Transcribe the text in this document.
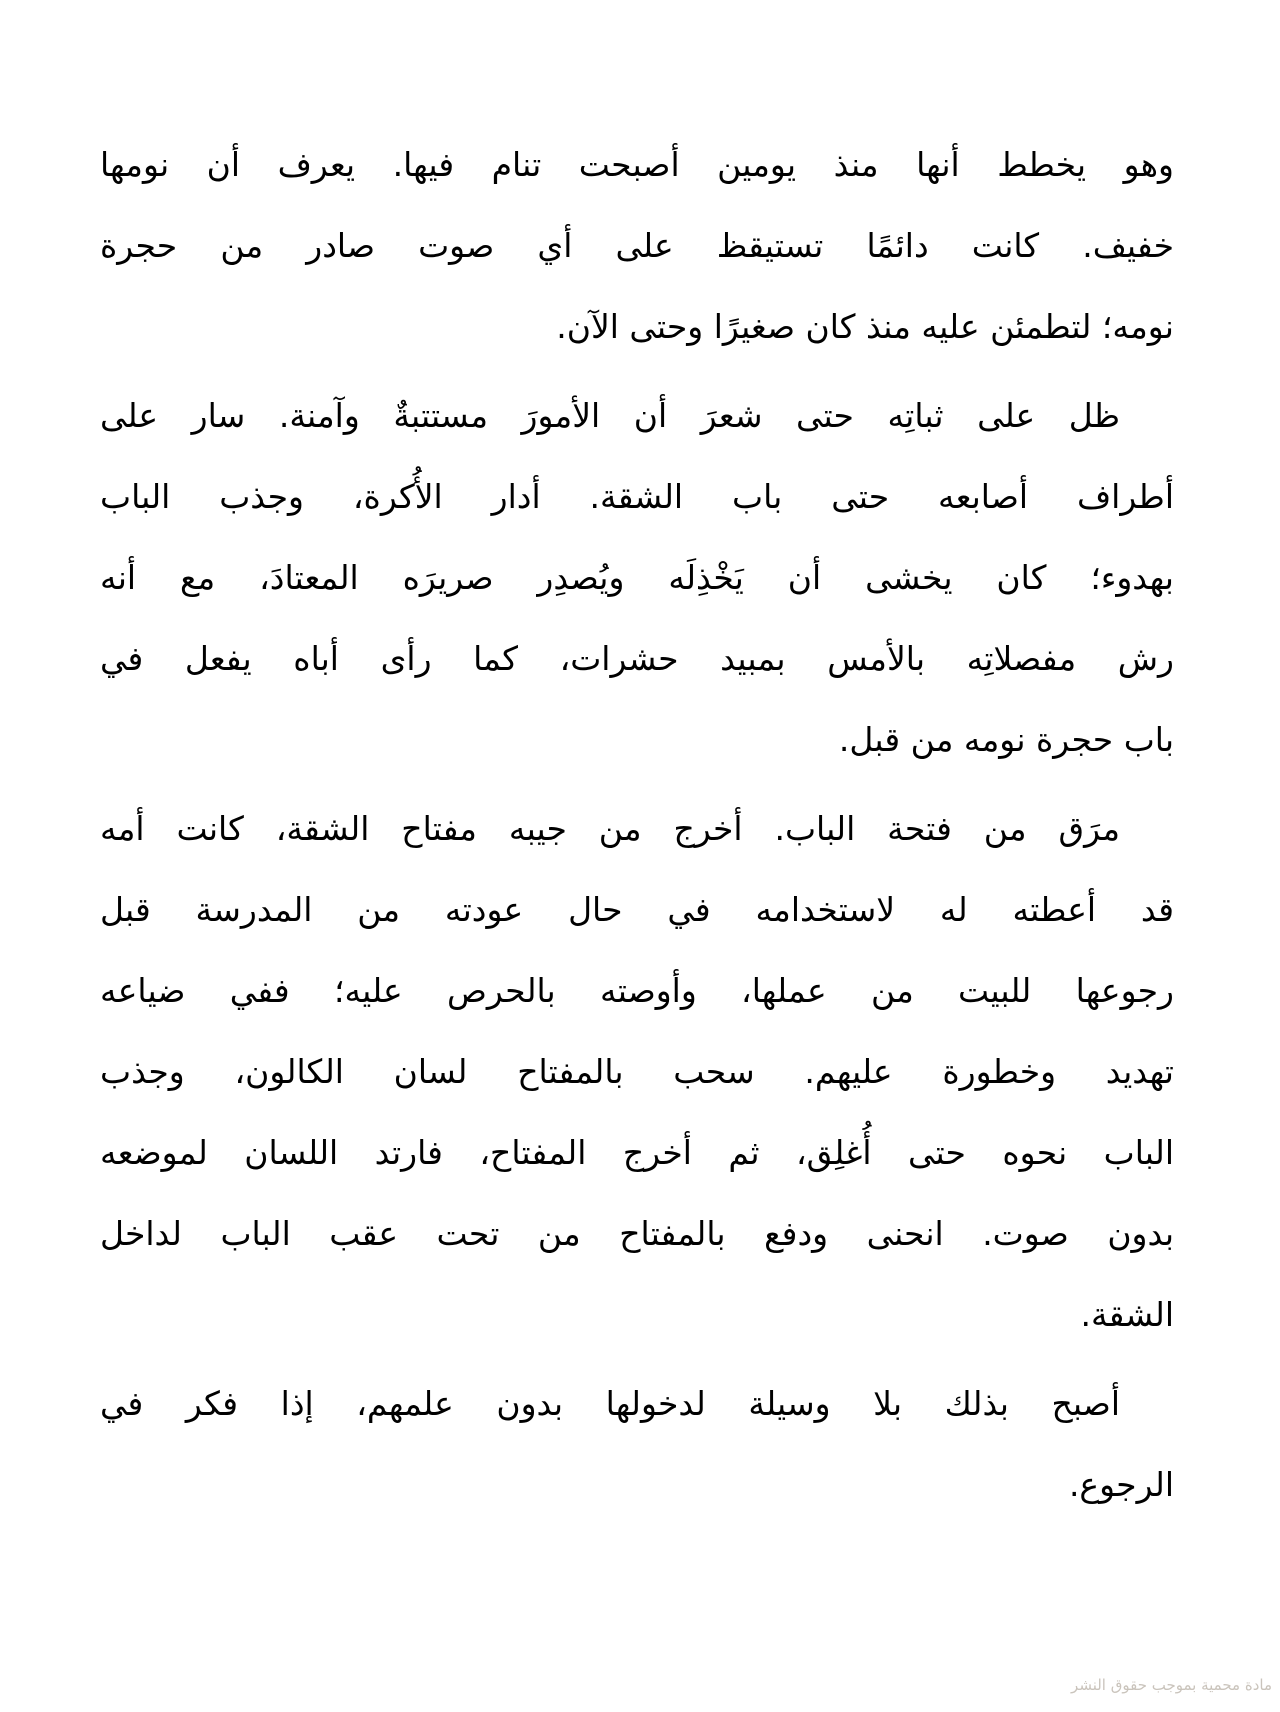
وهو يخطط أنها منذ يومين أصبحت تنام فيها. يعرف أن نومها
خفيف. كانت دائمًا تستيقظ على أي صوت صادر من حجرة
نومه؛ لتطمئن عليه منذ كان صغيرًا وحتى الآن.
ظل على ثباتِه حتى شعرَ أن الأمورَ مستتبةٌ وآمنة. سار على
أطراف أصابعه حتى باب الشقة. أدار الأُكرة، وجذب الباب
بهدوء؛ كان يخشى أن يَخْذِلَه ويُصدِر صريرَه المعتادَ، مع أنه
رش مفصلاتِه بالأمس بمبيد حشرات، كما رأى أباه يفعل في
باب حجرة نومه من قبل.
مرَق من فتحة الباب. أخرج من جيبه مفتاح الشقة، كانت أمه
قد أعطته له لاستخدامه في حال عودته من المدرسة قبل
رجوعها للبيت من عملها، وأوصته بالحرص عليه؛ ففي ضياعه
تهديد وخطورة عليهم. سحب بالمفتاح لسان الكالون، وجذب
الباب نحوه حتى أُغلِق، ثم أخرج المفتاح، فارتد اللسان لموضعه
بدون صوت. انحنى ودفع بالمفتاح من تحت عقب الباب لداخل
الشقة.
أصبح بذلك بلا وسيلة لدخولها بدون علمهم، إذا فكر في
الرجوع.
مادة محمية بموجب حقوق النشر
